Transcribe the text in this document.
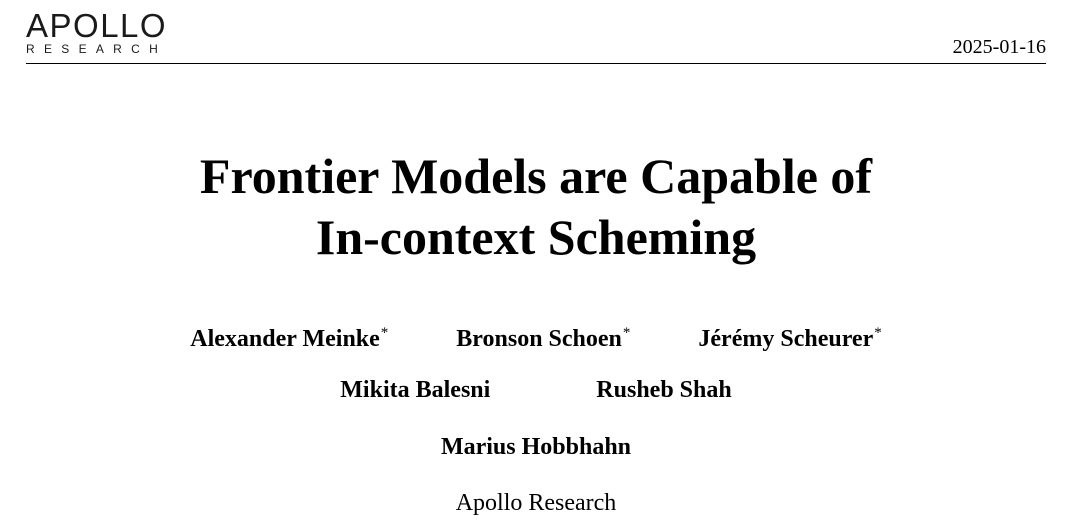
APOLLO
RESEARCH	2025-01-16
Frontier Models are Capable of
In-context Scheming
Alexander Meinke*	Bronson Schoen*	Jérémy Scheurer*
Mikita Balesni	Rusheb Shah
Marius Hobbhahn
Apollo Research
